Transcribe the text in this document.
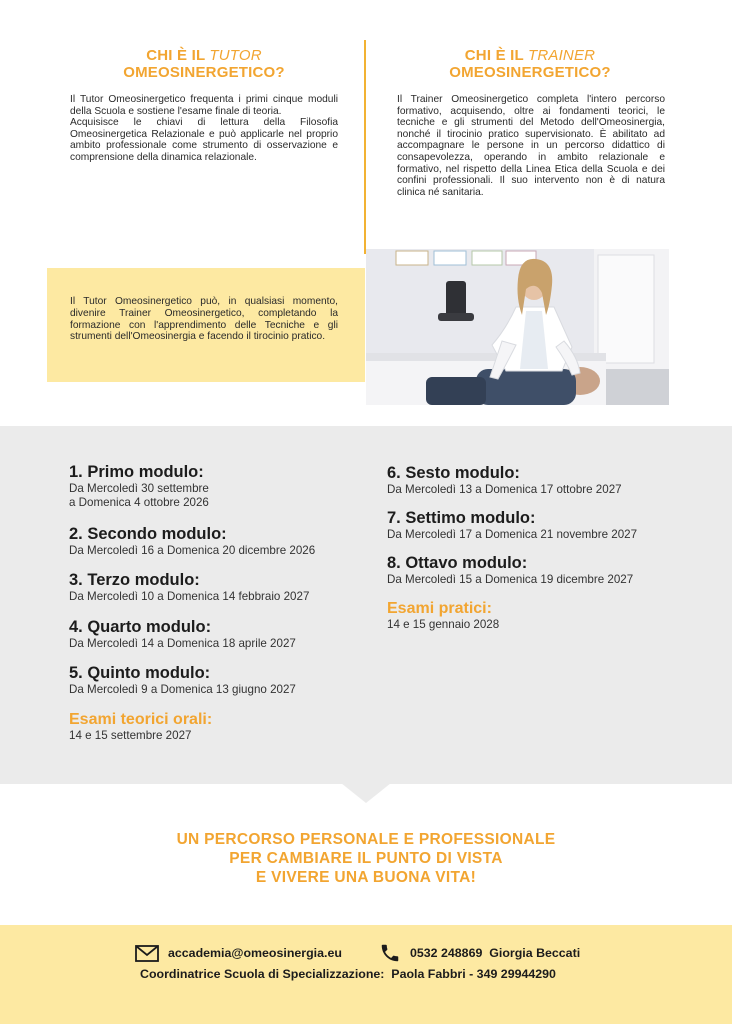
CHI È IL TUTOR
OMEOSINERGETICO?

Il Tutor Omeosinergetico frequenta i primi cinque moduli della Scuola e sostiene l'esame finale di teoria.

Acquisisce le chiavi di lettura della Filosofia Omeosinergetica Relazionale e può applicarle nel proprio ambito professionale come strumento di osservazione e comprensione della dinamica relazionale.

CHI È IL TRAINER
OMEOSINERGETICO?

Il Trainer Omeosinergetico completa l'intero percorso formativo, acquisendo, oltre ai fondamenti teorici, le tecniche e gli strumenti del Metodo dell'Omeosinergia, nonché il tirocinio pratico supervisionato. È abilitato ad accompagnare le persone in un percorso didattico di consapevolezza, operando in ambito relazionale e formativo, nel rispetto della Linea Etica della Scuola e dei confini professionali. Il suo intervento non è di natura clinica né sanitaria.

Il Tutor Omeosinergetico può, in qualsiasi momento, divenire Trainer Omeosinergetico, completando la formazione con l'apprendimento delle Tecniche e gli strumenti dell'Omeosinergia e facendo il tirocinio pratico.
1. Primo modulo:
Da Mercoledì 30 settembre
a Domenica 4 ottobre 2026
2. Secondo modulo:
Da Mercoledì 16 a Domenica 20 dicembre 2026
3. Terzo modulo:
Da Mercoledì 10 a Domenica 14 febbraio 2027
4. Quarto modulo:
Da Mercoledì 14 a Domenica 18 aprile 2027
5. Quinto modulo:
Da Mercoledì 9 a Domenica 13 giugno 2027
Esami teorici orali:
14 e 15 settembre 2027
6. Sesto modulo:
Da Mercoledì 13 a Domenica 17 ottobre 2027
7. Settimo modulo:
Da Mercoledì 17 a Domenica 21 novembre 2027
8. Ottavo modulo:
Da Mercoledì 15 a Domenica 19 dicembre 2027
Esami pratici:
14 e 15 gennaio 2028
UN PERCORSO PERSONALE E PROFESSIONALE
PER CAMBIARE IL PUNTO DI VISTA
E VIVERE UNA BUONA VITA!
accademia@omeosinergia.eu	0532 248869 Giorgia Beccati
Coordinatrice Scuola di Specializzazione:  Paola Fabbri - 349 29944290
